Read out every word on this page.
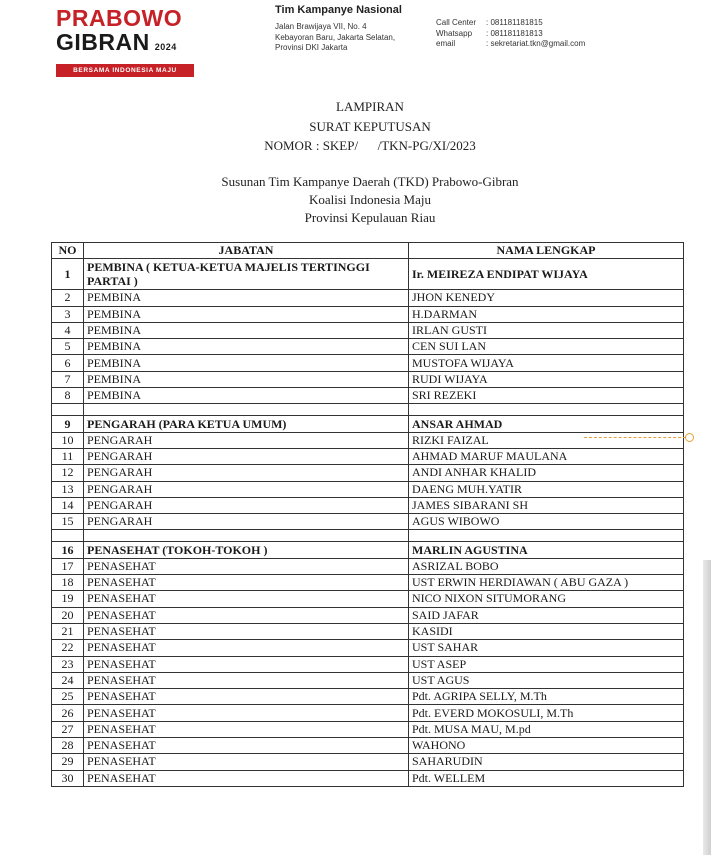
PRABOWO
GIBRAN 2024
BERSAMA INDONESIA MAJU
Tim Kampanye Nasional
Jalan Brawijaya VII, No. 4
Kebayoran Baru, Jakarta Selatan,
Provinsi DKI Jakarta
Call Center	: 081181181815
Whatsapp	: 081181181813
email	: sekretariat.tkn@gmail.com
LAMPIRAN
SURAT KEPUTUSAN
NOMOR : SKEP/      /TKN-PG/XI/2023
Susunan Tim Kampanye Daerah (TKD) Prabowo-Gibran
Koalisi Indonesia Maju
Provinsi Kepulauan Riau
NO	JABATAN	NAMA LENGKAP
1	PEMBINA ( KETUA-KETUA MAJELIS TERTINGGI PARTAI )	Ir. MEIREZA ENDIPAT WIJAYA
2	PEMBINA	JHON KENEDY
3	PEMBINA	H.DARMAN
4	PEMBINA	IRLAN GUSTI
5	PEMBINA	CEN SUI LAN
6	PEMBINA	MUSTOFA WIJAYA
7	PEMBINA	RUDI WIJAYA
8	PEMBINA	SRI REZEKI

9	PENGARAH (PARA KETUA UMUM)	ANSAR AHMAD
10	PENGARAH	RIZKI FAIZAL
11	PENGARAH	AHMAD MARUF MAULANA
12	PENGARAH	ANDI ANHAR KHALID
13	PENGARAH	DAENG MUH.YATIR
14	PENGARAH	JAMES SIBARANI SH
15	PENGARAH	AGUS WIBOWO

16	PENASEHAT (TOKOH-TOKOH )	MARLIN AGUSTINA
17	PENASEHAT	ASRIZAL BOBO
18	PENASEHAT	UST ERWIN HERDIAWAN ( ABU GAZA )
19	PENASEHAT	NICO NIXON SITUMORANG
20	PENASEHAT	SAID JAFAR
21	PENASEHAT	KASIDI
22	PENASEHAT	UST SAHAR
23	PENASEHAT	UST ASEP
24	PENASEHAT	UST AGUS
25	PENASEHAT	Pdt. AGRIPA SELLY, M.Th
26	PENASEHAT	Pdt. EVERD MOKOSULI, M.Th
27	PENASEHAT	Pdt. MUSA MAU, M.pd
28	PENASEHAT	WAHONO
29	PENASEHAT	SAHARUDIN
30	PENASEHAT	Pdt. WELLEM
